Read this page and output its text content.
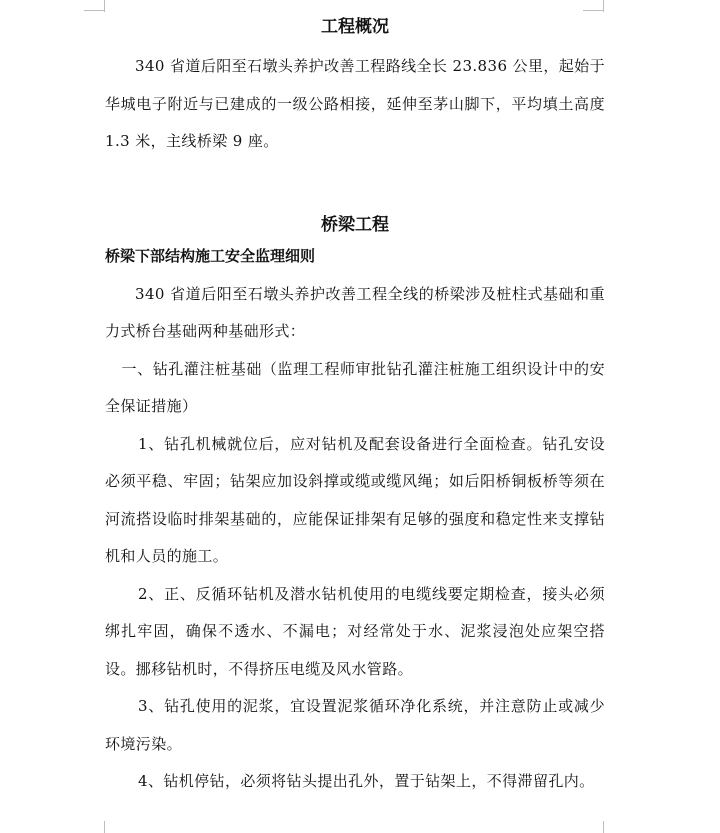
工程概况

340 省道后阳至石墩头养护改善工程路线全长 23.836 公里，起始于华城电子附近与已建成的一级公路相接，延伸至茅山脚下，平均填土高度 1.3 米，主线桥梁 9 座。

桥梁工程
桥梁下部结构施工安全监理细则

340 省道后阳至石墩头养护改善工程全线的桥梁涉及桩柱式基础和重力式桥台基础两种基础形式：

一、钻孔灌注桩基础（监理工程师审批钻孔灌注桩施工组织设计中的安全保证措施）

1、钻孔机械就位后，应对钻机及配套设备进行全面检查。钻孔安设必须平稳、牢固；钻架应加设斜撑或缆或缆风绳；如后阳桥铜板桥等须在河流搭设临时排架基础的，应能保证排架有足够的强度和稳定性来支撑钻机和人员的施工。

2、正、反循环钻机及潜水钻机使用的电缆线要定期检查，接头必须绑扎牢固，确保不透水、不漏电；对经常处于水、泥浆浸泡处应架空搭设。挪移钻机时，不得挤压电缆及风水管路。

3、钻孔使用的泥浆，宜设置泥浆循环净化系统，并注意防止或减少环境污染。

4、钻机停钻，必须将钻头提出孔外，置于钻架上，不得滞留孔内。
